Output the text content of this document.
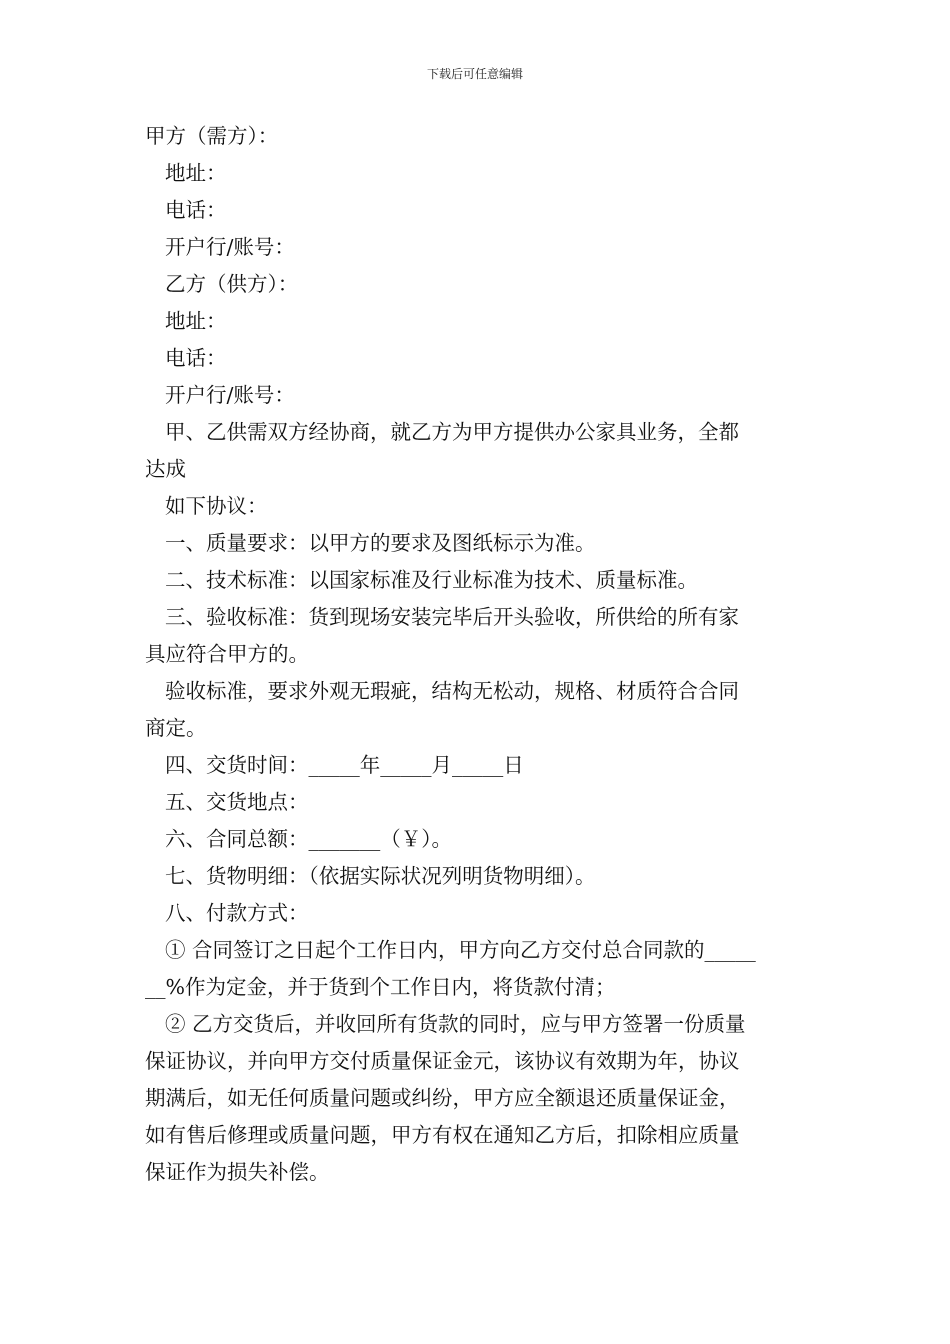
下载后可任意编辑

甲方（需方）：

地址：

电话：

开户行/账号：

乙方（供方）：

地址：

电话：

开户行/账号：

甲、乙供需双方经协商，就乙方为甲方提供办公家具业务，全都

达成

如下协议：

一、质量要求：以甲方的要求及图纸标示为准。

二、技术标准：以国家标准及行业标准为技术、质量标准。

三、验收标准：货到现场安装完毕后开头验收，所供给的所有家

具应符合甲方的。

验收标准，要求外观无瑕疵，结构无松动，规格、材质符合合同

商定。

四、交货时间：_____年_____月_____日

五、交货地点：

六、合同总额：_______（￥）。

七、货物明细：（依据实际状况列明货物明细）。

八、付款方式：

① 合同签订之日起个工作日内，甲方向乙方交付总合同款的_____

__%作为定金，并于货到个工作日内，将货款付清；

② 乙方交货后，并收回所有货款的同时，应与甲方签署一份质量

保证协议，并向甲方交付质量保证金元，该协议有效期为年，协议

期满后，如无任何质量问题或纠纷，甲方应全额退还质量保证金，

如有售后修理或质量问题，甲方有权在通知乙方后，扣除相应质量

保证作为损失补偿。
